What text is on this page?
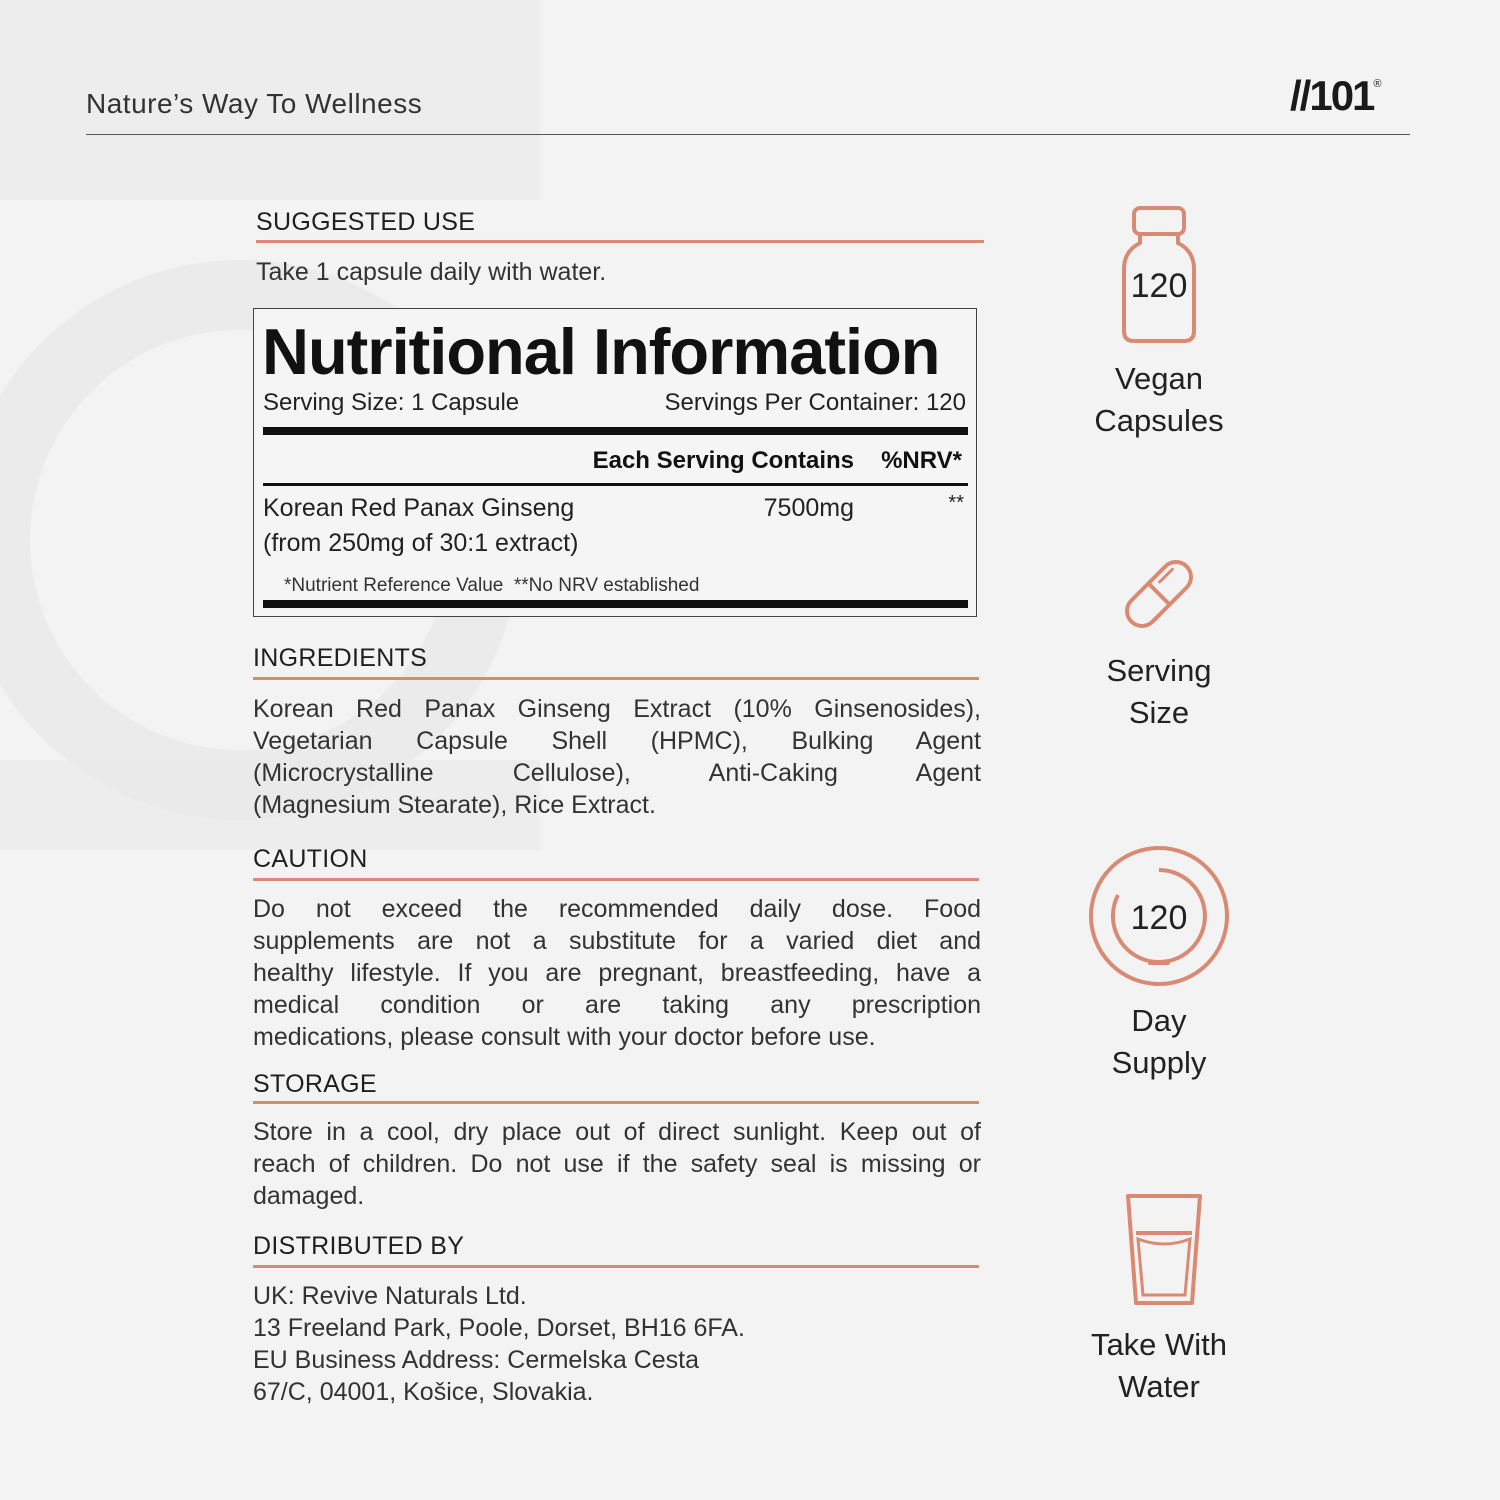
Nature’s Way To Wellness	//101®
SUGGESTED USE
Take 1 capsule daily with water.
Nutritional Information
Serving Size: 1 Capsule	Servings Per Container: 120
Each Serving Contains %NRV*
Korean Red Panax Ginseng
(from 250mg of 30:1 extract)
7500mg	**
*Nutrient Reference Value **No NRV established
INGREDIENTS
Korean Red Panax Ginseng Extract (10% Ginsenosides),
Vegetarian Capsule Shell (HPMC), Bulking Agent
(Microcrystalline Cellulose), Anti-Caking Agent
(Magnesium Stearate), Rice Extract.
CAUTION
Do not exceed the recommended daily dose. Food
supplements are not a substitute for a varied diet and
healthy lifestyle. If you are pregnant, breastfeeding, have a
medical condition or are taking any prescription
medications, please consult with your doctor before use.
STORAGE
Store in a cool, dry place out of direct sunlight. Keep out of
reach of children. Do not use if the safety seal is missing or
damaged.
DISTRIBUTED BY
UK: Revive Naturals Ltd.
13 Freeland Park, Poole, Dorset, BH16 6FA.
EU Business Address: Cermelska Cesta
67/C, 04001, Košice, Slovakia.
120
Vegan
Capsules
Serving
Size
120
Day
Supply
Take With
Water
